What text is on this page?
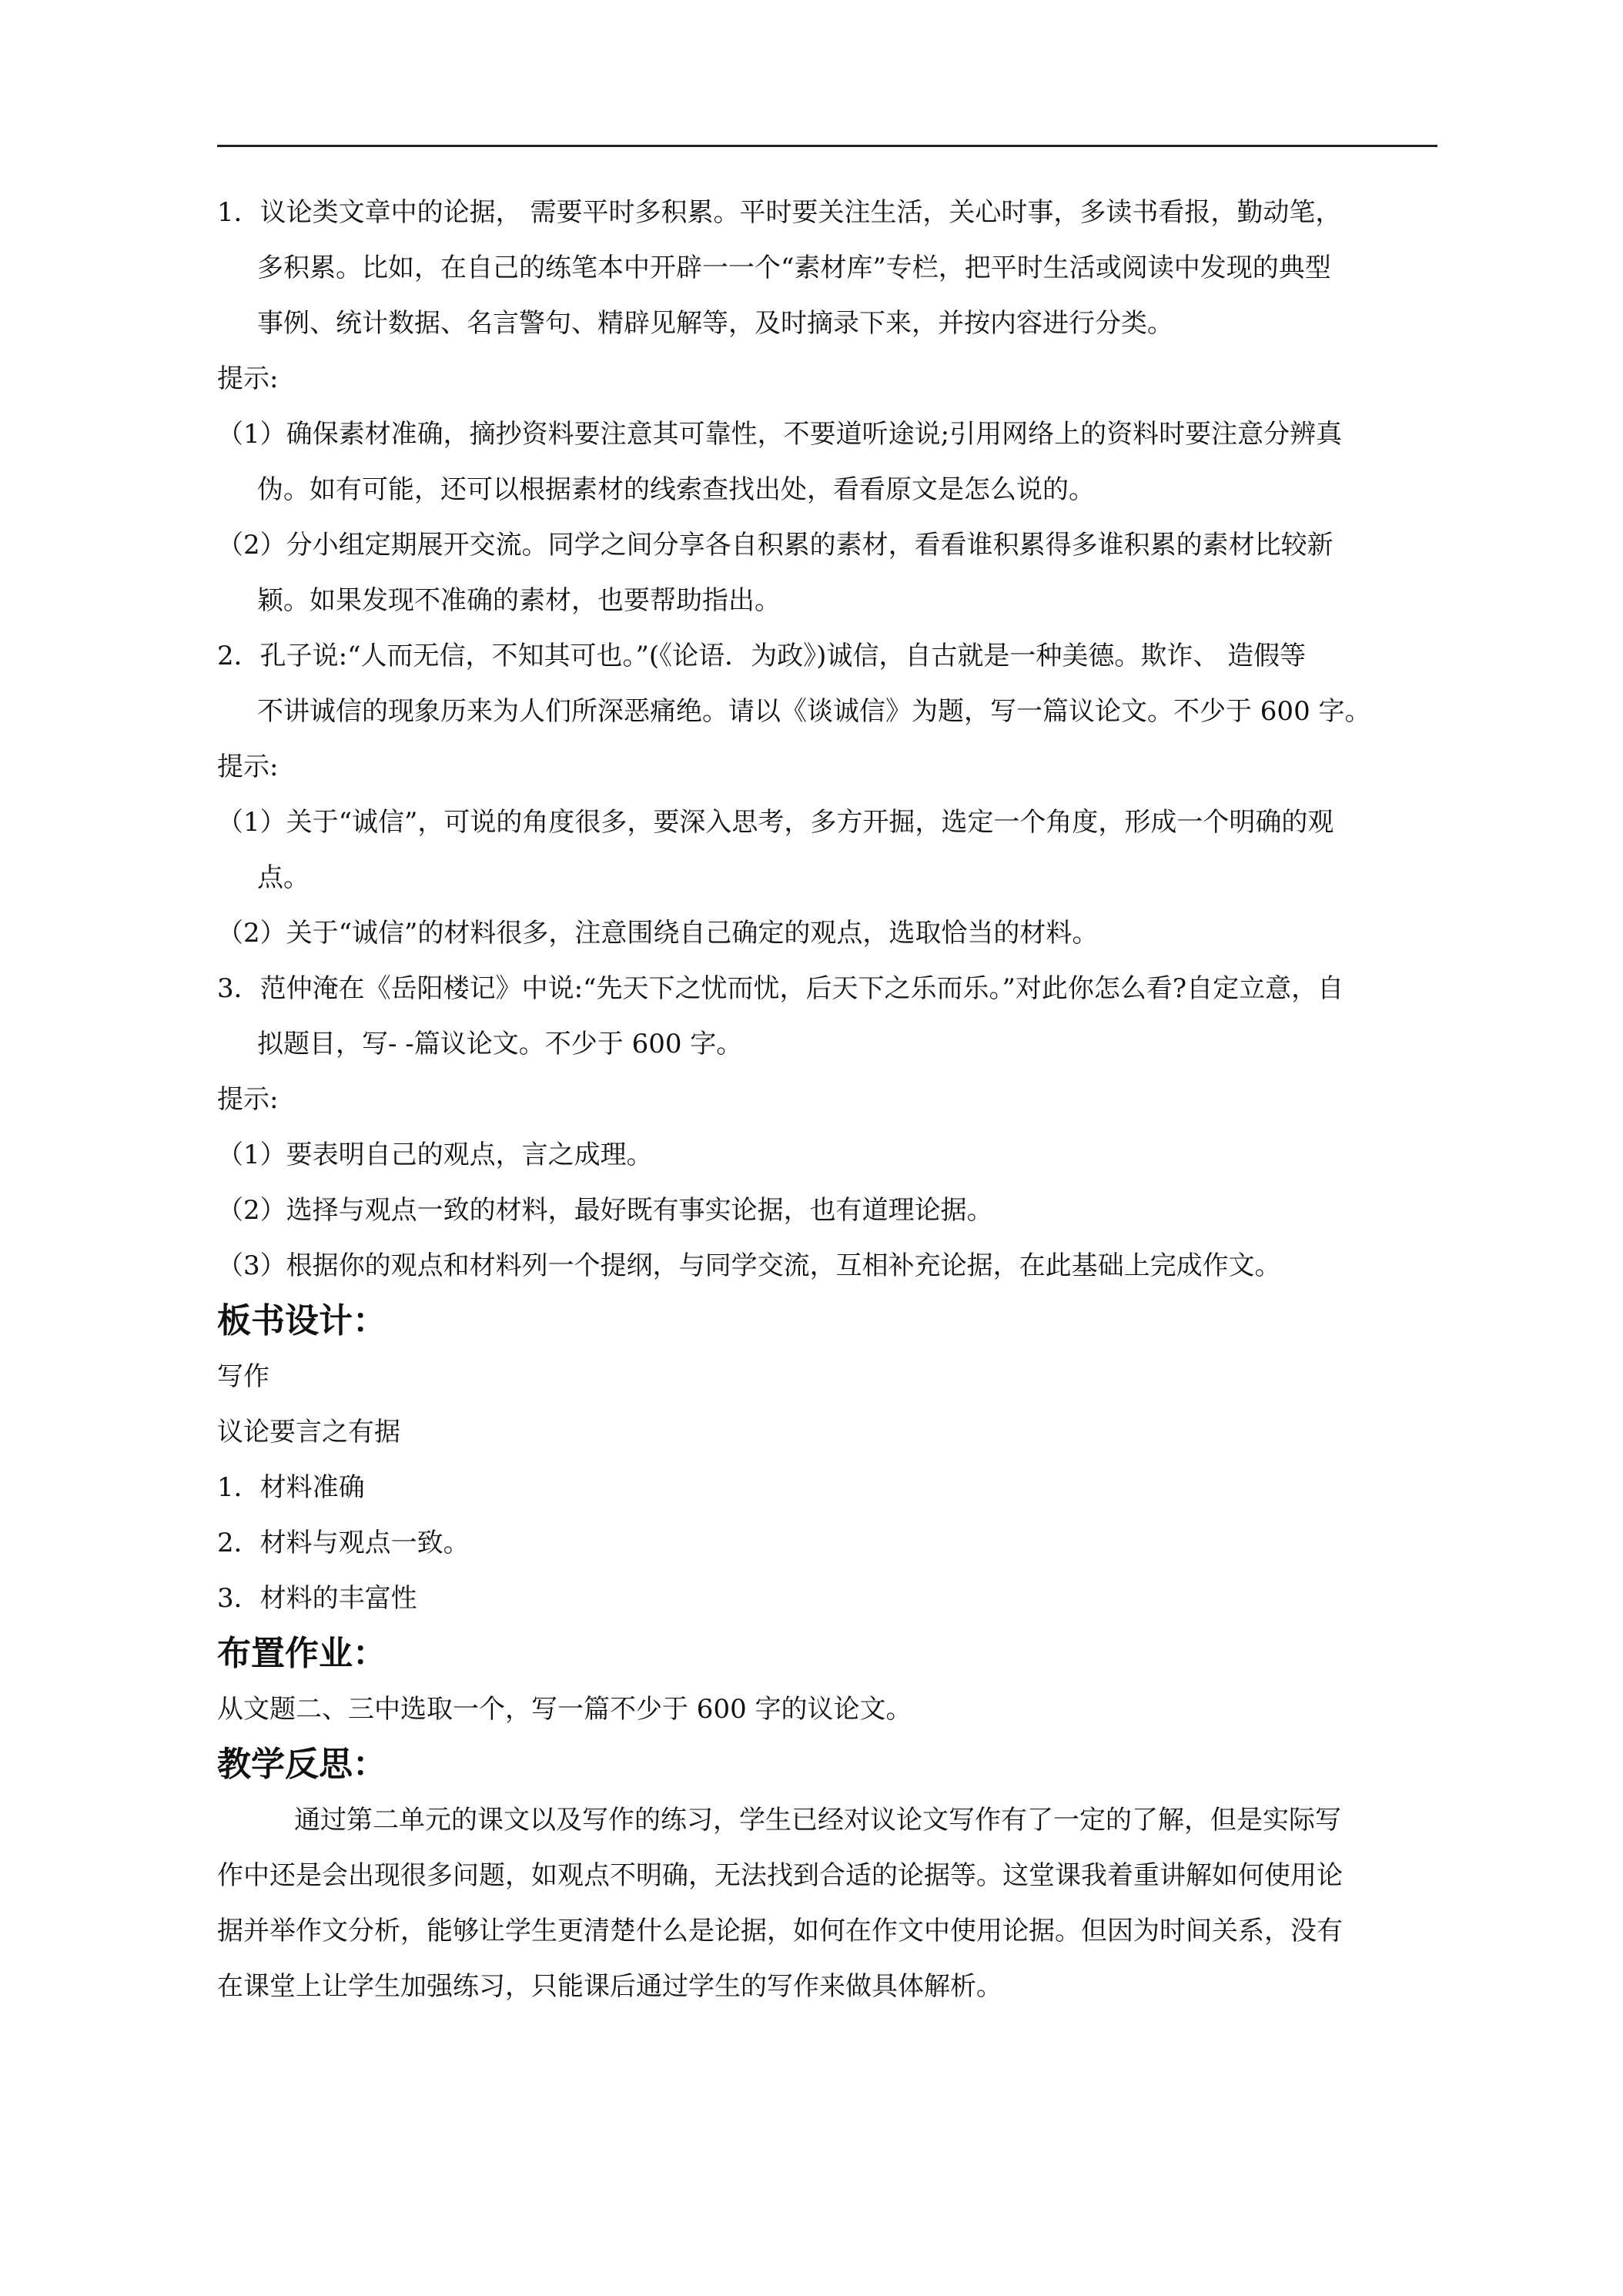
1．议论类文章中的论据， 需要平时多积累。平时要关注生活，关心时事，多读书看报，勤动笔，
多积累。比如，在自己的练笔本中开辟一一个“素材库”专栏，把平时生活或阅读中发现的典型
事例、统计数据、名言警句、精辟见解等，及时摘录下来，并按内容进行分类。

提示:

（1）确保素材准确，摘抄资料要注意其可靠性，不要道听途说;引用网络上的资料时要注意分辨真
伪。如有可能，还可以根据素材的线索查找出处，看看原文是怎么说的。
（2）分小组定期展开交流。同学之间分享各自积累的素材，看看谁积累得多谁积累的素材比较新
颖。如果发现不准确的素材，也要帮助指出。
2．孔子说:“人而无信，不知其可也。”(《论语．为政》)诚信，自古就是一种美德。欺诈、 造假等
不讲诚信的现象历来为人们所深恶痛绝。请以《谈诚信》为题，写一篇议论文。不少于 600 字。

提示:

（1）关于“诚信”，可说的角度很多，要深入思考，多方开掘，选定一个角度，形成一个明确的观
点。
（2）关于“诚信”的材料很多，注意围绕自己确定的观点，选取恰当的材料。
3．范仲淹在《岳阳楼记》中说:“先天下之忧而忧，后天下之乐而乐。”对此你怎么看?自定立意，自
拟题目，写- -篇议论文。不少于 600 字。

提示:

（1）要表明自己的观点，言之成理。
（2）选择与观点一致的材料，最好既有事实论据，也有道理论据。
（3）根据你的观点和材料列一个提纲，与同学交流，互相补充论据，在此基础上完成作文。

板书设计：

写作

议论要言之有据

1．材料准确

2．材料与观点一致。

3．材料的丰富性

布置作业：

从文题二、三中选取一个，写一篇不少于 600 字的议论文。

教学反思：

通过第二单元的课文以及写作的练习，学生已经对议论文写作有了一定的了解，但是实际写

作中还是会出现很多问题，如观点不明确，无法找到合适的论据等。这堂课我着重讲解如何使用论

据并举作文分析，能够让学生更清楚什么是论据，如何在作文中使用论据。但因为时间关系，没有

在课堂上让学生加强练习，只能课后通过学生的写作来做具体解析。
